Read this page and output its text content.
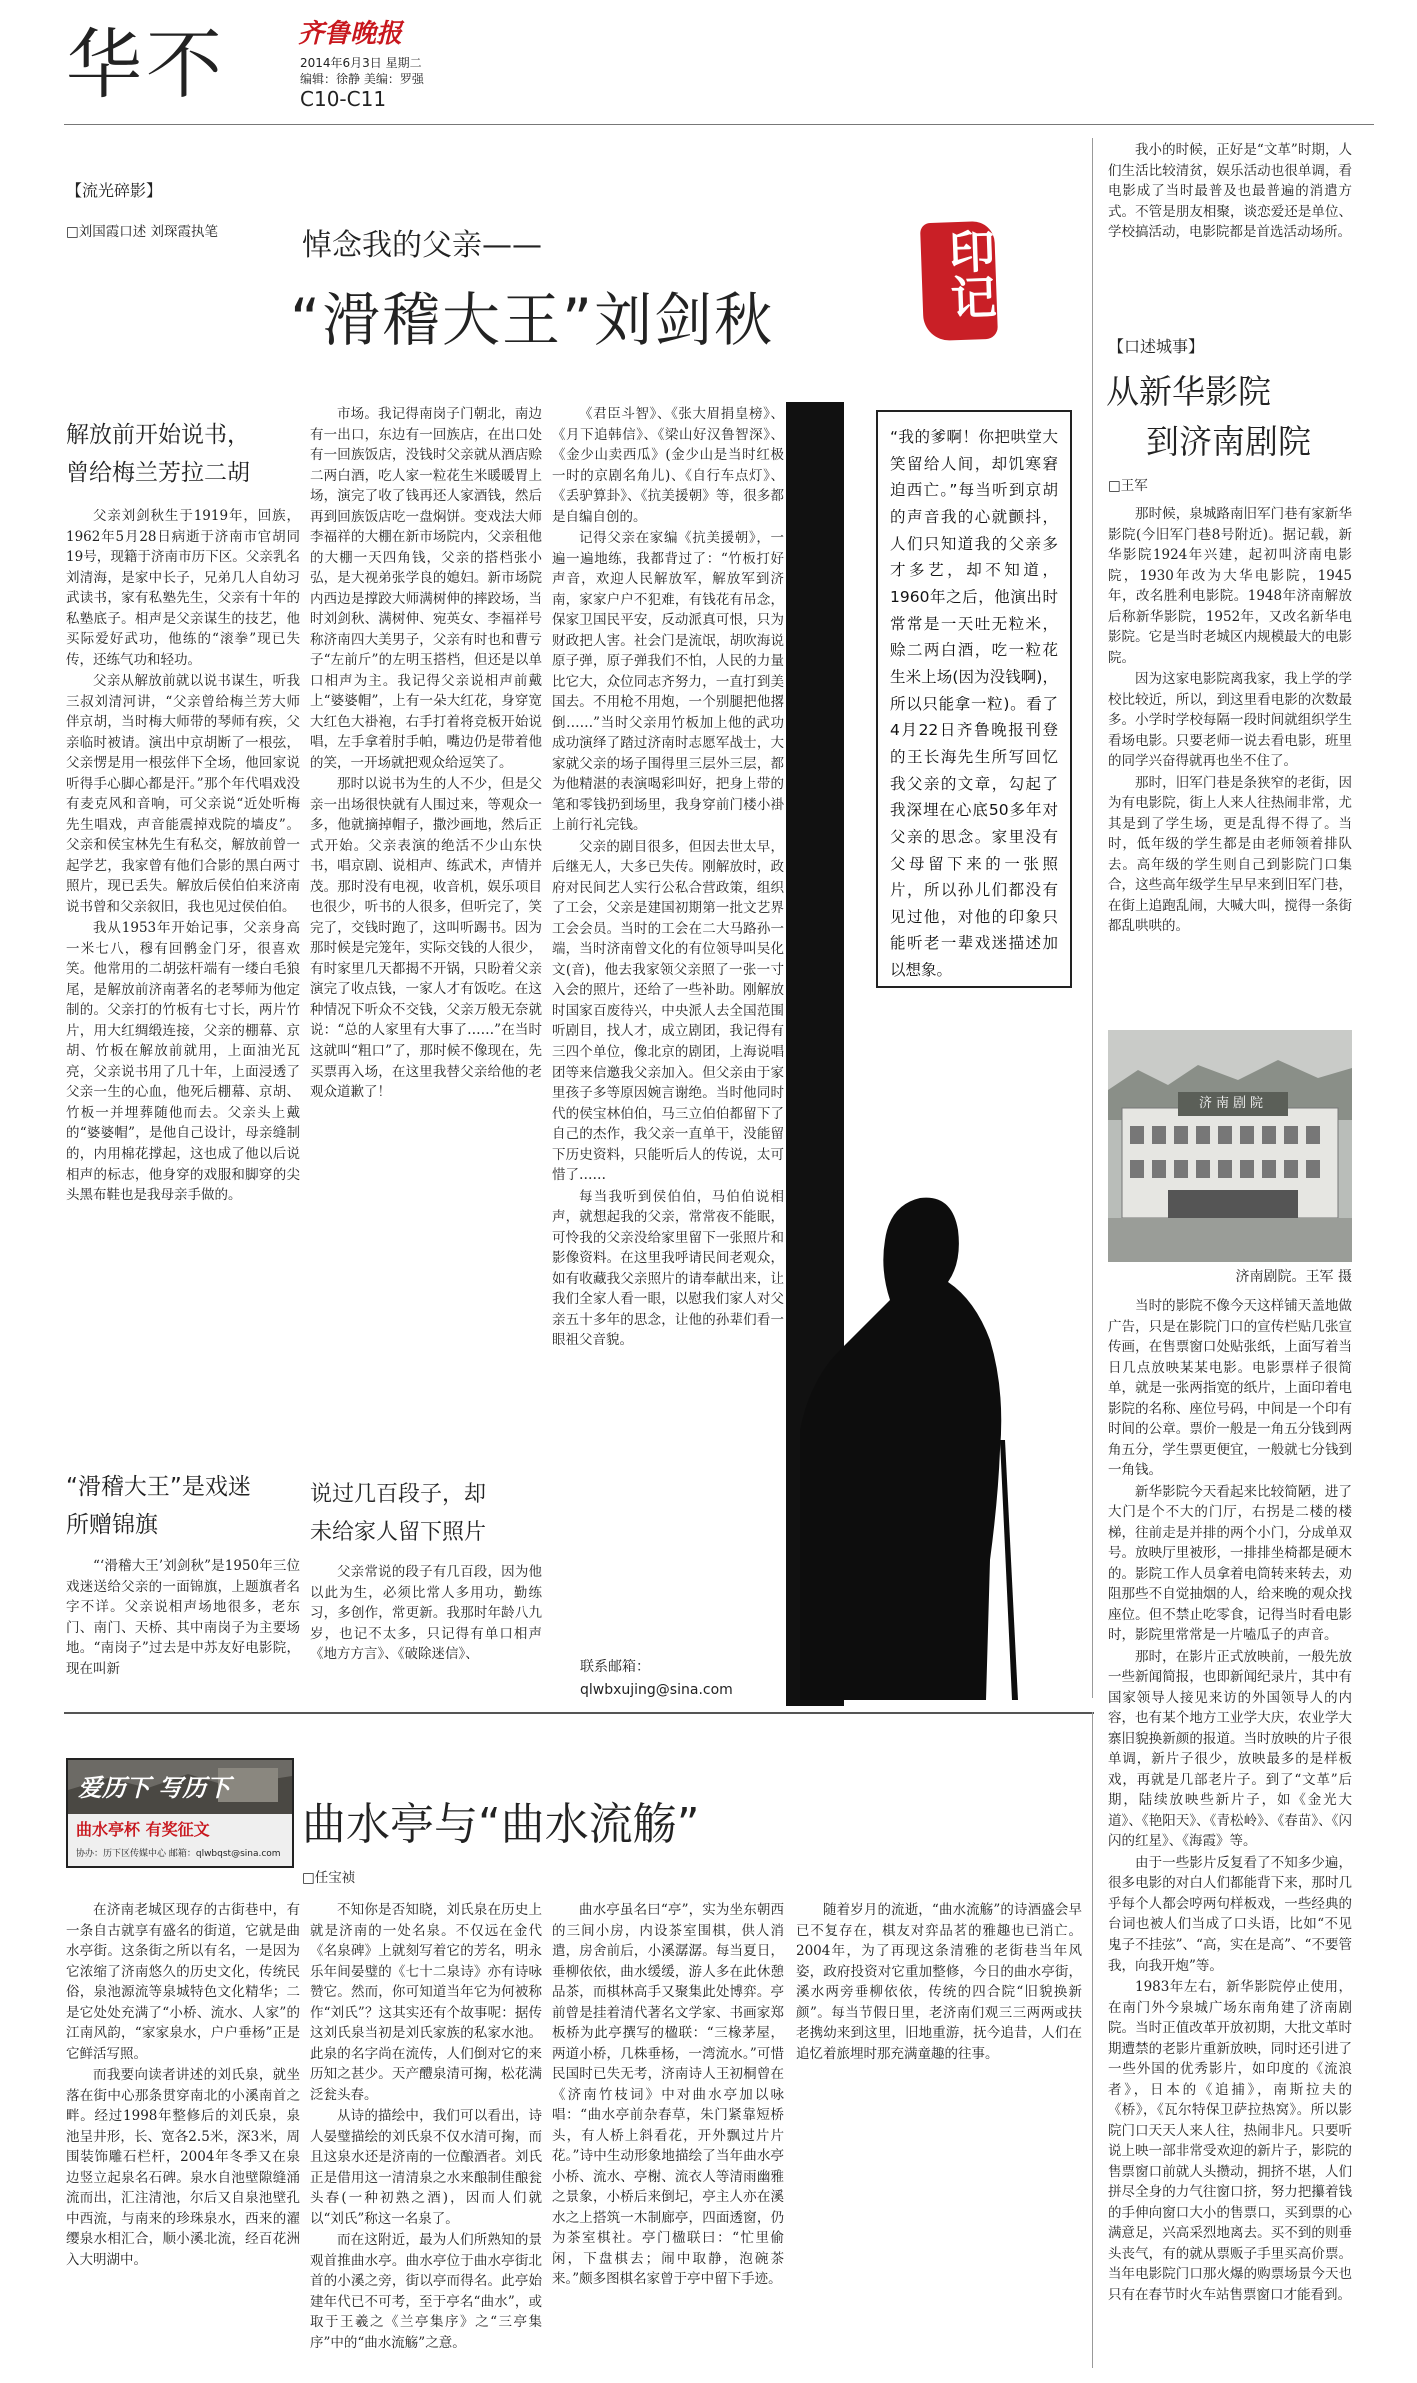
华不	齐鲁晚报
2014年6月3日 星期二
编辑：徐静 美编：罗强
C10-C11
【流光碎影】
□刘国霞口述 刘琛霞执笔	悼念我的父亲——
“滑稽大王”刘剑秋	印记
解放前开始说书，
曾给梅兰芳拉二胡

父亲刘剑秋生于1919年，回族，1962年5月28日病逝于济南市官胡同19号，现籍于济南市历下区。父亲乳名刘清海，是家中长子，兄弟几人自幼习武读书，家有私塾先生，父亲有十年的私塾底子。相声是父亲谋生的技艺，他买际爱好武功，他练的“滚拳”现已失传，还练气功和轻功。

父亲从解放前就以说书谋生，听我三叔刘清河讲，“父亲曾给梅兰芳大师伴京胡，当时梅大师带的琴师有疾，父亲临时被请。演出中京胡断了一根弦，父亲愣是用一根弦伴下全场，他回家说听得手心脚心都是汗。”那个年代唱戏没有麦克风和音响，可父亲说“近处听梅先生唱戏，声音能震掉戏院的墙皮”。父亲和侯宝林先生有私交，解放前曾一起学艺，我家曾有他们合影的黑白两寸照片，现已丢失。解放后侯伯伯来济南说书曾和父亲叙旧，我也见过侯伯伯。

我从1953年开始记事，父亲身高一米七八，穆有回鹘金门牙，很喜欢笑。他常用的二胡弦杆端有一缕白毛狼尾，是解放前济南著名的老琴师为他定制的。父亲打的竹板有七寸长，两片竹片，用大红绸缎连接，父亲的棚幕、京胡、竹板在解放前就用，上面油光瓦亮，父亲说书用了几十年，上面浸透了父亲一生的心血，他死后棚幕、京胡、竹板一并埋葬随他而去。父亲头上戴的“婆婆帽”，是他自己设计，母亲缝制的，内用棉花撑起，这也成了他以后说相声的标志，他身穿的戏服和脚穿的尖头黑布鞋也是我母亲手做的。

“滑稽大王”是戏迷
所赠锦旗

“‘滑稽大王’刘剑秋”是1950年三位戏迷送给父亲的一面锦旗，上题旗者名字不详。父亲说相声场地很多，老东门、南门、天桥、其中南岗子为主要场地。“南岗子”过去是中苏友好电影院，现在叫新

市场。我记得南岗子门朝北，南边有一出口，东边有一回族店，在出口处有一回族饭店，没钱时父亲就从酒店赊二两白酒，吃人家一粒花生米暖暖胃上场，演完了收了钱再还人家酒钱，然后再到回族饭店吃一盘焖饼。变戏法大师李福祥的大棚在新市场院内，父亲租他的大棚一天四角钱，父亲的搭档张小弘，是大视弟张学良的媳妇。新市场院内西边是撑跤大师满树伸的摔跤场，当时刘剑秋、满树伸、宛英女、李福祥号称济南四大美男子，父亲有时也和曹亏子“左前斤”的左明玉搭档，但还是以单口相声为主。我记得父亲说相声前戴上“婆婆帽”，上有一朵大红花，身穿宽大红色大褂袍，右手打着将竞板开始说唱，左手拿着肘手帕，嘴边仍是带着他的笑，一开场就把观众给逗笑了。

那时以说书为生的人不少，但是父亲一出场很快就有人围过来，等观众一多，他就摘掉帽子，撒沙画地，然后正式开始。父亲表演的绝活不少山东快书，唱京剧、说相声、练武术，声情并茂。那时没有电视，收音机，娱乐项目也很少，听书的人很多，但听完了，笑完了，交钱时跑了，这叫听踢书。因为那时候是完笼年，实际交钱的人很少，有时家里几天都揭不开锅，只盼着父亲演完了收点钱，一家人才有饭吃。在这种情况下听众不交钱，父亲万般无奈就说：“总的人家里有大事了……”在当时这就叫“粗口”了，那时候不像现在，先买票再入场，在这里我替父亲给他的老观众道歉了！

说过几百段子，却
未给家人留下照片

父亲常说的段子有几百段，因为他以此为生，必须比常人多用功，勤练习，多创作，常更新。我那时年龄八九岁，也记不太多，只记得有单口相声《地方方言》、《破除迷信》、

《君臣斗智》、《张大眉捐皇榜》、《月下追韩信》、《梁山好汉鲁智深》、《金少山卖西瓜》(金少山是当时红极一时的京剧名角儿)、《自行车点灯》、《丢驴算卦》、《抗美援朝》等，很多都是自编自创的。

记得父亲在家编《抗美援朝》，一遍一遍地练，我都背过了：“竹板打好声音，欢迎人民解放军，解放军到济南，家家户户不犯难，有钱花有吊念，保家卫国民平安，反动派真可恨，只为财政把人害。社会门是流氓，胡吹海说原子弹，原子弹我们不怕，人民的力量比它大，众位同志齐努力，一直打到美国去。不用枪不用炮，一个别腿把他撂倒……”当时父亲用竹板加上他的武功成功演绎了踏过济南时志愿军战士，大家就父亲的场子围得里三层外三层，都为他精湛的表演喝彩叫好，把身上带的笔和零钱扔到场里，我身穿前门楼小褂上前行礼完钱。

父亲的剧目很多，但因去世太早，后继无人，大多已失传。刚解放时，政府对民间艺人实行公私合营政策，组织了工会，父亲是建国初期第一批文艺界工会会员。当时的工会在二大马路孙一端，当时济南曾文化的有位领导叫吴化文(音)，他去我家领父亲照了一张一寸入会的照片，还给了一些补助。刚解放时国家百废待兴，中央派人去全国范围听剧目，找人才，成立剧团，我记得有三四个单位，像北京的剧团，上海说唱团等来信邀我父亲加入。但父亲由于家里孩子多等原因婉言谢绝。当时他同时代的侯宝林伯伯，马三立伯伯都留下了自己的杰作，我父亲一直单干，没能留下历史资料，只能听后人的传说，太可惜了……

每当我听到侯伯伯，马伯伯说相声，就想起我的父亲，常常夜不能眠，可怜我的父亲没给家里留下一张照片和影像资料。在这里我呼请民间老观众，如有收藏我父亲照片的请奉献出来，让我们全家人看一眼，以慰我们家人对父亲五十多年的思念，让他的孙辈们看一眼祖父音貌。

联系邮箱：qlwbxujing@sina.com
“我的爹啊！你把哄堂大笑留给人间，却饥寒窘迫西亡。”每当听到京胡的声音我的心就颤抖，人们只知道我的父亲多才多艺，却不知道，1960年之后，他演出时常常是一天吐无粒米，赊二两白酒，吃一粒花生米上场(因为没钱啊)，所以只能拿一粒)。看了4月22日齐鲁晚报刊登的王长海先生所写回忆我父亲的文章，勾起了我深埋在心底50多年对父亲的思念。家里没有父母留下来的一张照片，所以孙儿们都没有见过他，对他的印象只能听老一辈戏迷描述加以想象。

我小的时候，正好是“文革”时期，人们生活比较清贫，娱乐活动也很单调，看电影成了当时最普及也最普遍的消遣方式。不管是朋友相聚，谈恋爱还是单位、学校搞活动，电影院都是首选活动场所。

【口述城事】
从新华影院
到济南剧院
□王军

那时候，泉城路南旧军门巷有家新华影院(今旧军门巷8号附近)。据记载，新华影院1924年兴建，起初叫济南电影院，1930年改为大华电影院，1945年，改名胜利电影院。1948年济南解放后称新华影院，1952年，又改名新华电影院。它是当时老城区内规模最大的电影院。

因为这家电影院离我家，我上学的学校比较近，所以，到这里看电影的次数最多。小学时学校每隔一段时间就组织学生看场电影。只要老师一说去看电影，班里的同学兴奋得就再也坐不住了。

那时，旧军门巷是条狭窄的老街，因为有电影院，街上人来人往热闹非常，尤其是到了学生场，更是乱得不得了。当时，低年级的学生都是由老师领着排队去。高年级的学生则自己到影院门口集合，这些高年级学生早早来到旧军门巷，在街上追跑乱闹，大喊大叫，搅得一条街都乱哄哄的。

济南剧院
济南剧院。王军 摄

当时的影院不像今天这样铺天盖地做广告，只是在影院门口的宣传栏贴几张宣传画，在售票窗口处贴张纸，上面写着当日几点放映某某电影。电影票样子很简单，就是一张两指宽的纸片，上面印着电影院的名称、座位号码，中间是一个印有时间的公章。票价一般是一角五分钱到两角五分，学生票更便宜，一般就七分钱到一角钱。

新华影院今天看起来比较简陋，进了大门是个不大的门厅，右拐是二楼的楼梯，往前走是并排的两个小门，分成单双号。放映厅里被形，一排排坐椅都是硬木的。影院工作人员拿着电筒转来转去，劝阻那些不自觉抽烟的人，给来晚的观众找座位。但不禁止吃零食，记得当时看电影时，影院里常常是一片嗑瓜子的声音。

那时，在影片正式放映前，一般先放一些新闻简报，也即新闻纪录片，其中有国家领导人接见来访的外国领导人的内容，也有某个地方工业学大庆，农业学大寨旧貌换新颜的报道。当时放映的片子很单调，新片子很少，放映最多的是样板戏，再就是几部老片子。到了“文革”后期，陆续放映些新片子，如《金光大道》、《艳阳天》、《青松岭》、《春苗》、《闪闪的红星》、《海霞》等。

由于一些影片反复看了不知多少遍，很多电影的对白人们都能背下来，那时几乎每个人都会哼两句样板戏，一些经典的台词也被人们当成了口头语，比如“不见鬼子不挂弦”、“高，实在是高”、“不要管我，向我开炮”等。

1983年左右，新华影院停止使用，在南门外今泉城广场东南角建了济南剧院。当时正值改革开放初期，大批文革时期遭禁的老影片重新放映，同时还引进了一些外国的优秀影片，如印度的《流浪者》，日本的《追捕》，南斯拉夫的《桥》，《瓦尔特保卫萨拉热窝》。所以影院门口天天人来人往，热闹非凡。只要听说上映一部非常受欢迎的新片子，影院的售票窗口前就人头攒动，拥挤不堪，人们拼尽全身的力气往窗口挤，努力把攥着钱的手伸向窗口大小的售票口，买到票的心满意足，兴高采烈地离去。买不到的则垂头丧气，有的就从票贩子手里买高价票。当年电影院门口那火爆的购票场景今天也只有在春节时火车站售票窗口才能看到。

爱历下 写历下
曲水亭杯 有奖征文
协办：历下区传媒中心 邮箱：qlwbqst@sina.com
曲水亭与“曲水流觞”
□任宝祯

在济南老城区现存的古街巷中，有一条自古就享有盛名的街道，它就是曲水亭街。这条街之所以有名，一是因为它浓缩了济南悠久的历史文化，传统民俗，泉池源流等泉城特色文化精华；二是它处处充满了“小桥、流水、人家”的江南风韵，“家家泉水，户户垂杨”正是它鲜活写照。

而我要向读者讲述的刘氏泉，就坐落在街中心那条贯穿南北的小溪南首之畔。经过1998年整修后的刘氏泉，泉池呈井形，长、宽各2.5米，深3米，周围装饰雕石栏杆，2004年冬季又在泉边竖立起泉名石碑。泉水自池壁隙缝涌流而出，汇注清池，尔后又自泉池壁孔中西流，与南来的珍珠泉水，西来的濯缨泉水相汇合，顺小溪北流，经百花洲入大明湖中。

不知你是否知晓，刘氏泉在历史上就是济南的一处名泉。不仅远在金代《名泉碑》上就刻写着它的芳名，明永乐年间晏璧的《七十二泉诗》亦有诗咏赞它。然而，你可知道当年它为何被称作“刘氏”？这其实还有个故事呢：据传这刘氏泉当初是刘氏家族的私家水池。此泉的名字尚在流传，人们倒对它的来历知之甚少。天产醴泉清可掬，松花满泛瓮头春。

从诗的描绘中，我们可以看出，诗人晏璧描绘的刘氏泉不仅水清可掬，而且这泉水还是济南的一位酿酒者。刘氏正是借用这一清清泉之水来酿制佳酿瓮头春(一种初熟之酒)，因而人们就以“刘氏”称这一名泉了。

而在这附近，最为人们所熟知的景观首推曲水亭。曲水亭位于曲水亭街北首的小溪之旁，街以亭而得名。此亭始建年代已不可考，至于亭名“曲水”，或取于王羲之《兰亭集序》之“三亭集序”中的“曲水流觞”之意。

曲水亭虽名曰“亭”，实为坐东朝西的三间小房，内设茶室围棋，供人消遣，房舍前后，小溪潺潺。每当夏日，垂柳依依，曲水缓缓，游人多在此休憩品茶，而棋林高手又聚集此处博弈。亭前曾是挂着清代著名文学家、书画家郑板桥为此亭撰写的楹联：“三椽茅屋，两道小桥，几株垂杨，一湾流水。”可惜民国时已失无考，济南诗人王初桐曾在《济南竹枝词》中对曲水亭加以咏唱：“曲水亭前杂春草，朱门紧靠短桥头，有人桥上斜看花，开外飘过片片花。”诗中生动形象地描绘了当年曲水亭小桥、流水、亭榭、流衣人等清雨幽雅之景象，小桥后来倒圮，亭主人亦在溪水之上搭筑一木制廊亭，四面透窗，仍为茶室棋社。亭门楹联曰：“忙里偷闲，下盘棋去；闹中取静，泡碗茶来。”颇多图棋名家曾于亭中留下手迹。

随着岁月的流逝，“曲水流觞”的诗酒盛会早已不复存在，棋友对弈品茗的雅趣也已消亡。2004年，为了再现这条清雅的老街巷当年风姿，政府投资对它重加整修，今日的曲水亭街，溪水两旁垂柳依依，传统的四合院“旧貌换新颜”。每当节假日里，老济南们观三三两两或扶老携幼来到这里，旧地重游，抚今追昔，人们在追忆着旅埋时那充满童趣的往事。
